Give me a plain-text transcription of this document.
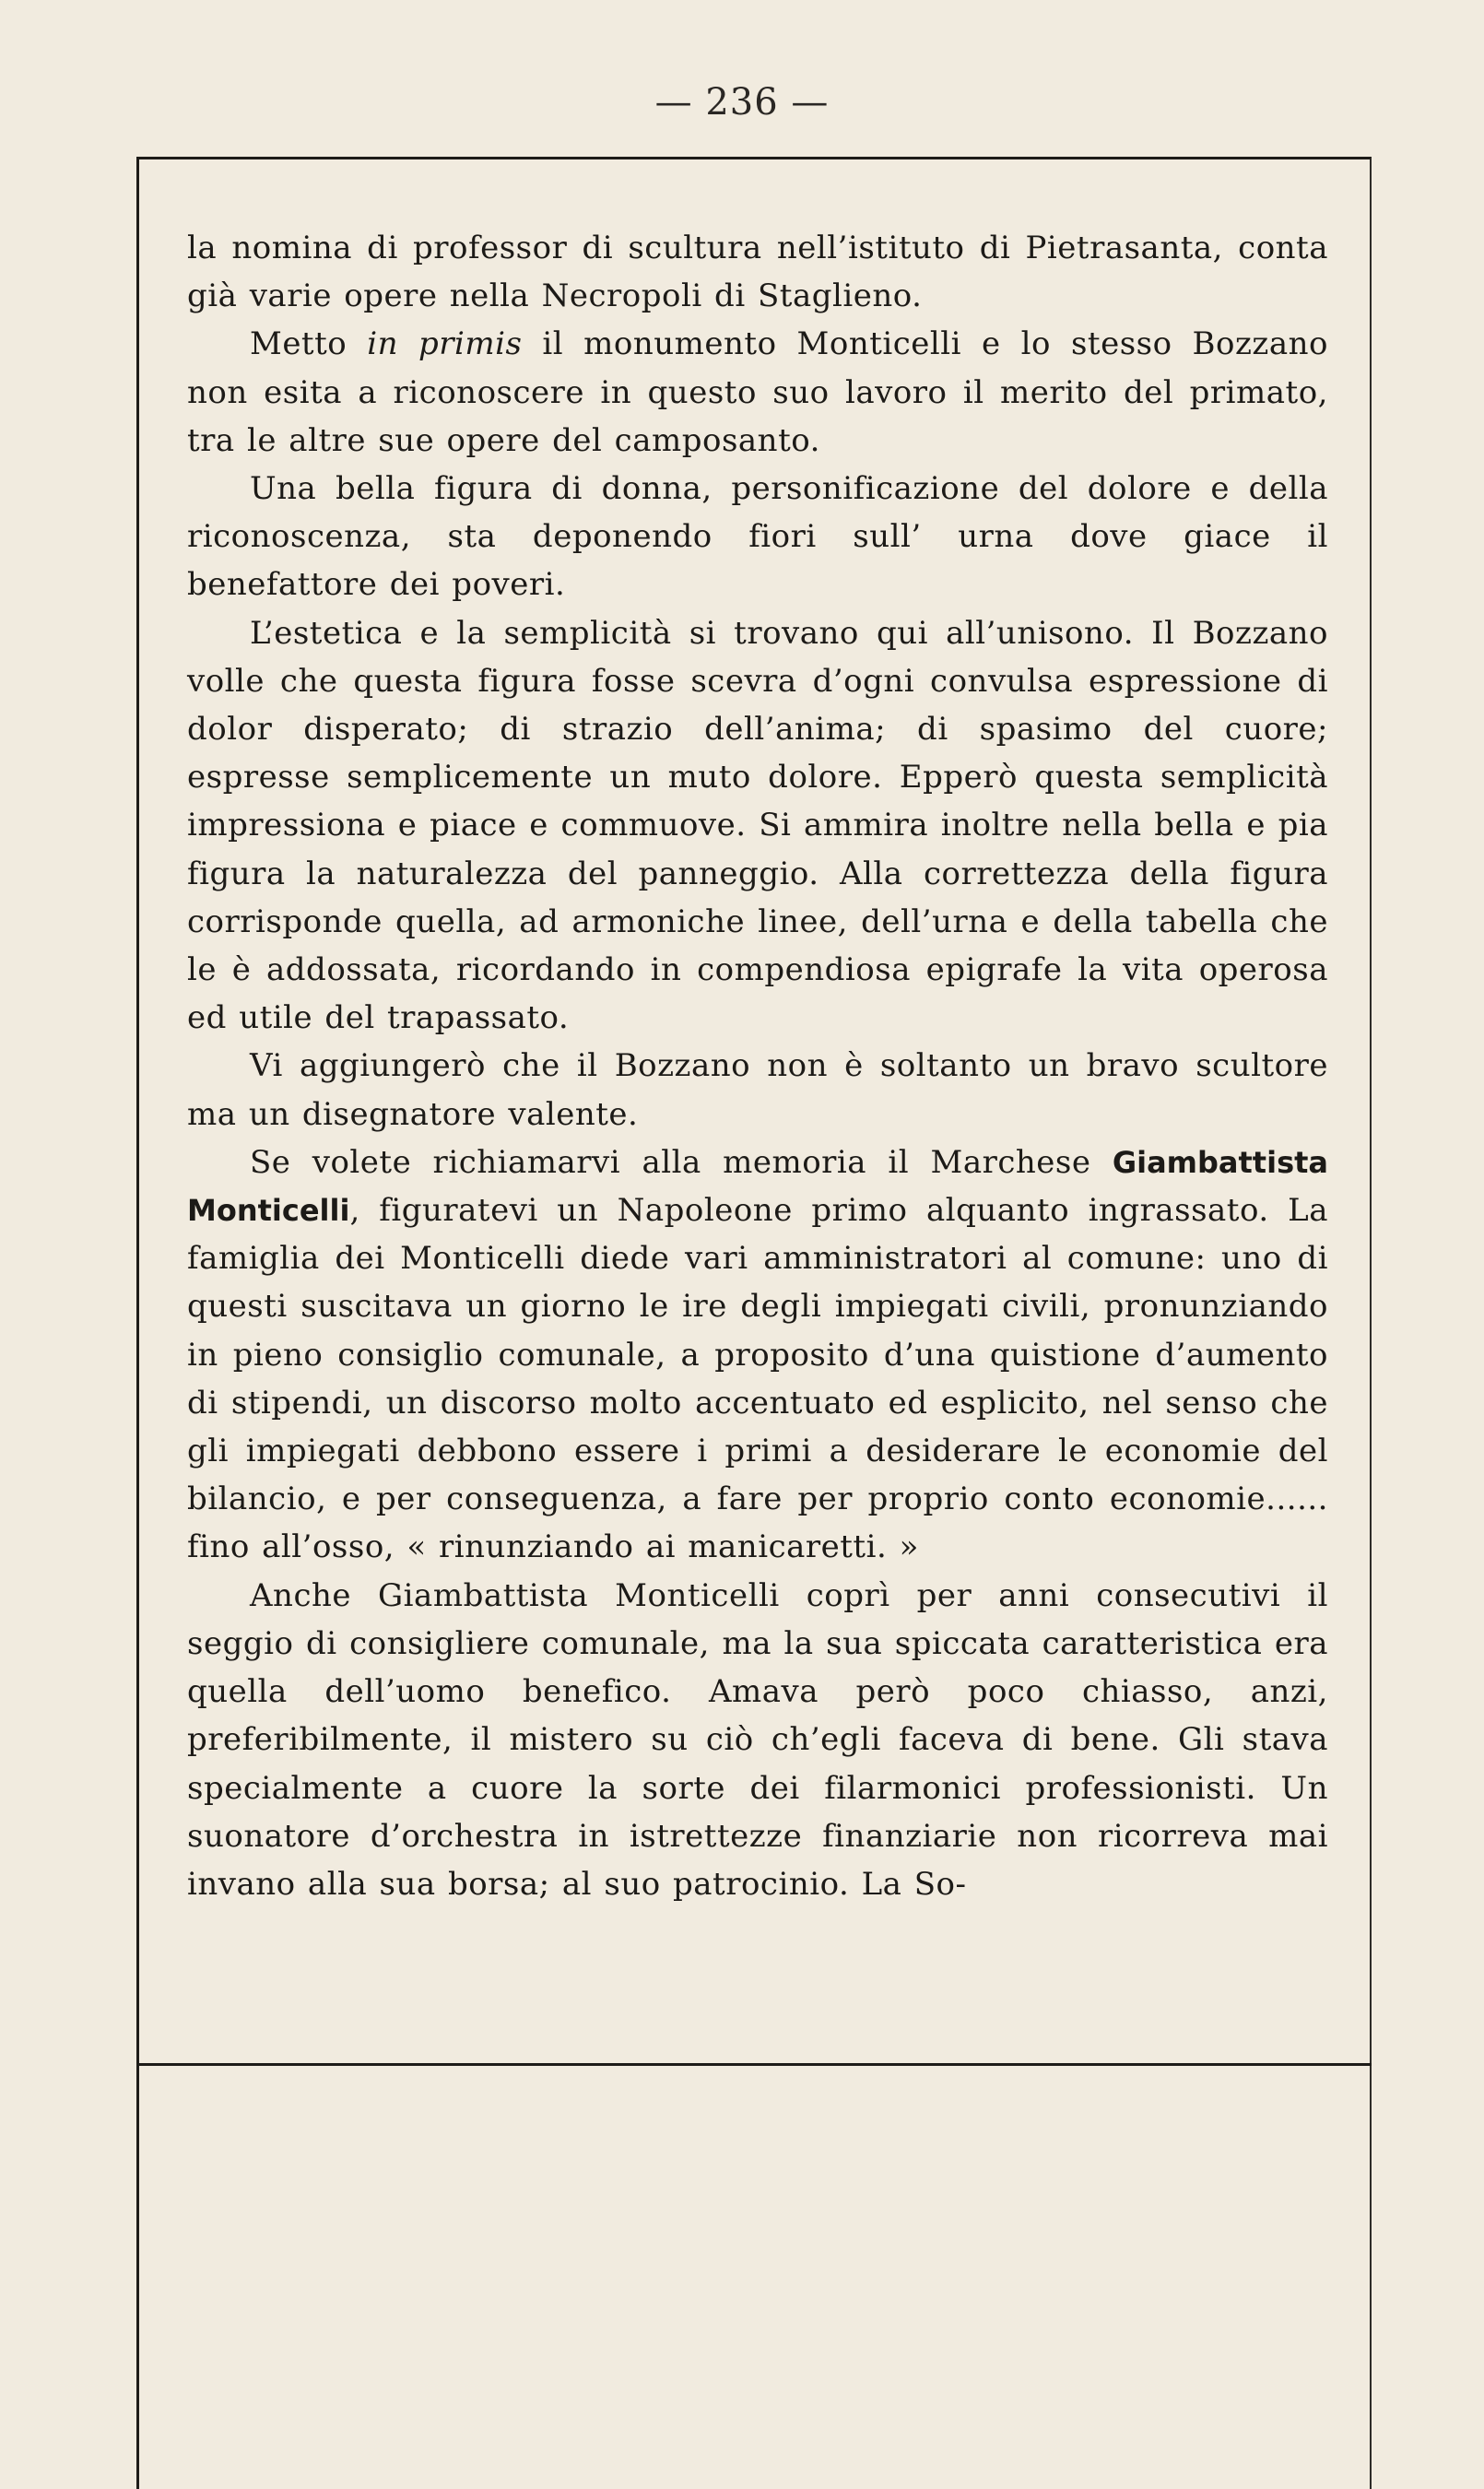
— 236 —

la nomina di professor di scultura nell’istituto di Pietrasanta, conta già varie opere nella Necropoli di Staglieno.

Metto in primis il monumento Monticelli e lo stesso Bozzano non esita a riconoscere in questo suo lavoro il merito del primato, tra le altre sue opere del camposanto.

Una bella figura di donna, personificazione del dolore e della riconoscenza, sta deponendo fiori sull’ urna dove giace il benefattore dei poveri.

L’estetica e la semplicità si trovano qui all’unisono. Il Bozzano volle che questa figura fosse scevra d’ogni convulsa espressione di dolor disperato; di strazio dell’anima; di spasimo del cuore; espresse semplicemente un muto dolore. Epperò questa semplicità impressiona e piace e commuove. Si ammira inoltre nella bella e pia figura la naturalezza del panneggio. Alla correttezza della figura corrisponde quella, ad armoniche linee, dell’urna e della tabella che le è addossata, ricordando in compendiosa epigrafe la vita operosa ed utile del trapassato.

Vi aggiungerò che il Bozzano non è soltanto un bravo scultore ma un disegnatore valente.

Se volete richiamarvi alla memoria il Marchese Giambattista Monticelli, figuratevi un Napoleone primo alquanto ingrassato. La famiglia dei Monticelli diede vari amministratori al comune: uno di questi suscitava un giorno le ire degli impiegati civili, pronunziando in pieno consiglio comunale, a proposito d’una quistione d’aumento di stipendi, un discorso molto accentuato ed esplicito, nel senso che gli impiegati debbono essere i primi a desiderare le economie del bilancio, e per conseguenza, a fare per proprio conto economie...... fino all’osso, « rinunziando ai manicaretti. »

Anche Giambattista Monticelli coprì per anni consecutivi il seggio di consigliere comunale, ma la sua spiccata caratteristica era quella dell’uomo benefico. Amava però poco chiasso, anzi, preferibilmente, il mistero su ciò ch’egli faceva di bene. Gli stava specialmente a cuore la sorte dei filarmonici professionisti. Un suonatore d’orchestra in istrettezze finanziarie non ricorreva mai invano alla sua borsa; al suo patrocinio. La So-
